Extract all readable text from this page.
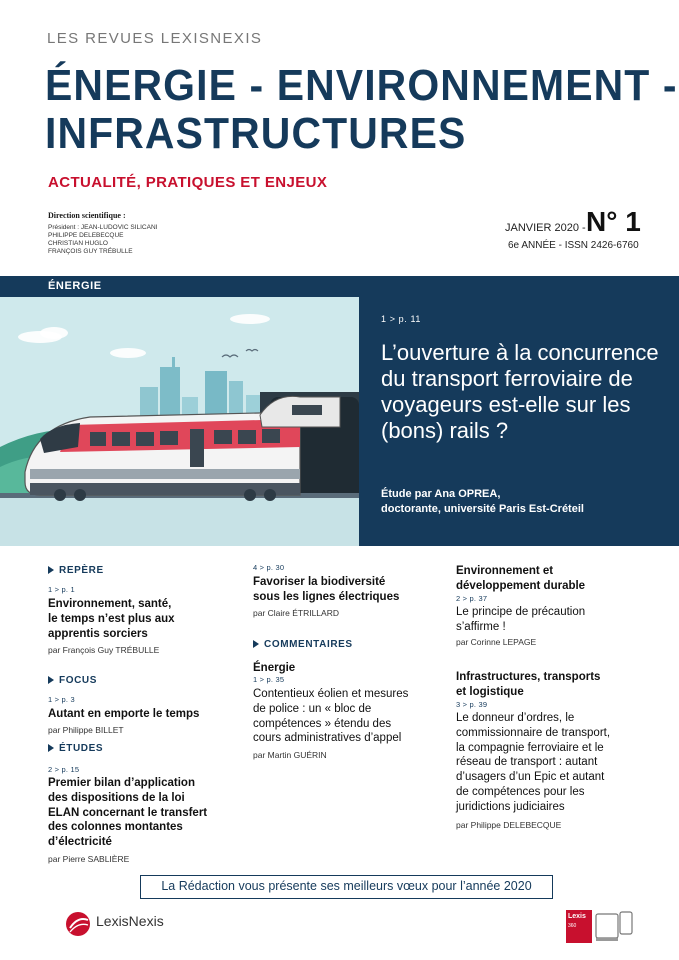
LES REVUES LEXISNEXIS
ÉNERGIE - ENVIRONNEMENT -
INFRASTRUCTURES
ACTUALITÉ, PRATIQUES ET ENJEUX
Direction scientifique :
Président : JEAN-LUDOVIC SILICANI
PHILIPPE DELEBECQUE
CHRISTIAN HUGLO
FRANÇOIS GUY TRÉBULLE
JANVIER 2020 - N° 1
6e ANNÉE - ISSN 2426-6760
ÉNERGIE
1 > p. 11
L’ouverture à la concurrence du transport ferroviaire de voyageurs est-elle sur les (bons) rails ?
Étude par Ana OPREA,
doctorante, université Paris Est-Créteil
REPÈRE
1 > p. 1
Environnement, santé,
le temps n’est plus aux
apprentis sorciers
par François Guy TRÉBULLE
FOCUS
1 > p. 3
Autant en emporte le temps
par Philippe BILLET
ÉTUDES
2 > p. 15
Premier bilan d’application
des dispositions de la loi
ELAN concernant le transfert
des colonnes montantes
d’électricité
par Pierre SABLIÈRE
4 > p. 30
Favoriser la biodiversité
sous les lignes électriques
par Claire ÉTRILLARD
COMMENTAIRES
Énergie
1 > p. 35
Contentieux éolien et mesures
de police : un « bloc de
compétences » étendu des
cours administratives d’appel
par Martin GUÉRIN
Environnement et
développement durable
2 > p. 37
Le principe de précaution
s’affirme !
par Corinne LEPAGE
Infrastructures, transports
et logistique
3 > p. 39
Le donneur d’ordres, le
commissionnaire de transport,
la compagnie ferroviaire et le
réseau de transport : autant
d’usagers d’un Epic et autant
de compétences pour les
juridictions judiciaires
par Philippe DELEBECQUE
La Rédaction vous présente ses meilleurs vœux pour l’année 2020
LexisNexis	Lexis
360
